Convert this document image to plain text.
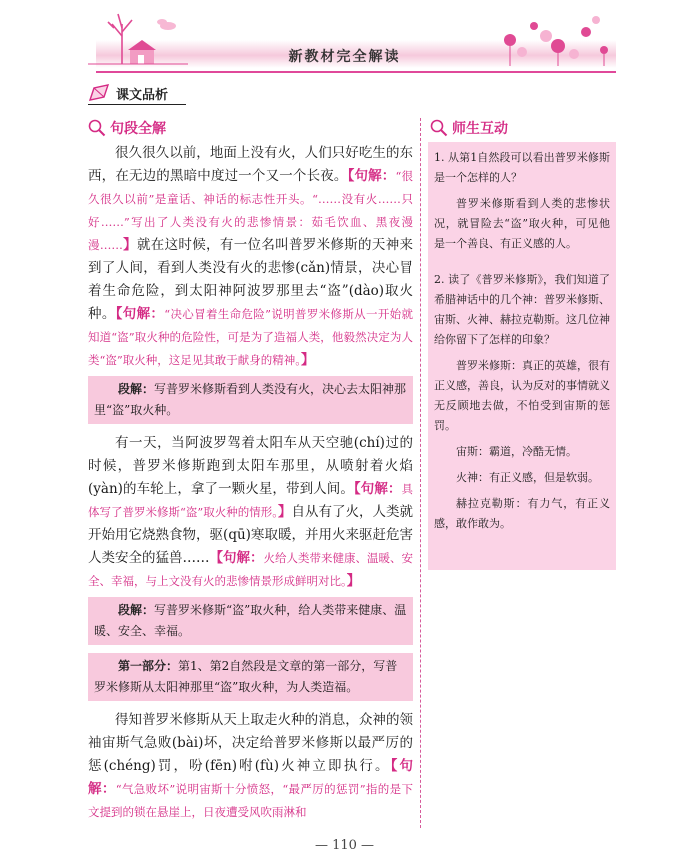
新教材完全解读
课文品析
句段全解	师生互动

很久很久以前，地面上没有火，人们只好吃生的东西，在无边的黑暗中度过一个又一个长夜。【句解：“很久很久以前”是童话、神话的标志性开头。“……没有火……只好……”写出了人类没有火的悲惨情景：茹毛饮血、黑夜漫漫……】就在这时候，有一位名叫普罗米修斯的天神来到了人间，看到人类没有火的悲惨(cǎn)情景，决心冒着生命危险，到太阳神阿波罗那里去“盗”(dào)取火种。【句解：“决心冒着生命危险”说明普罗米修斯从一开始就知道“盗”取火种的危险性，可是为了造福人类，他毅然决定为人类“盗”取火种，这足见其敢于献身的精神。】

段解：写普罗米修斯看到人类没有火，决心去太阳神那里“盗”取火种。

有一天，当阿波罗驾着太阳车从天空驰(chí)过的时候，普罗米修斯跑到太阳车那里，从喷射着火焰(yàn)的车轮上，拿了一颗火星，带到人间。【句解：具体写了普罗米修斯“盗”取火种的情形。】自从有了火，人类就开始用它烧熟食物，驱(qū)寒取暖，并用火来驱赶危害人类安全的猛兽……【句解：火给人类带来健康、温暖、安全、幸福，与上文没有火的悲惨情景形成鲜明对比。】

段解：写普罗米修斯“盗”取火种，给人类带来健康、温暖、安全、幸福。
第一部分：第1、第2自然段是文章的第一部分，写普罗米修斯从太阳神那里“盗”取火种，为人类造福。

得知普罗米修斯从天上取走火种的消息，众神的领袖宙斯气急败(bài)坏，决定给普罗米修斯以最严厉的惩(chéng)罚，吩(fēn)咐(fù)火神立即执行。【句解：“气急败坏”说明宙斯十分愤怒，“最严厉的惩罚”指的是下文提到的锁在悬崖上，日夜遭受风吹雨淋和

1. 从第1自然段可以看出普罗米修斯是一个怎样的人？

普罗米修斯看到人类的悲惨状况，就冒险去“盗”取火种，可见他是一个善良、有正义感的人。

2. 读了《普罗米修斯》，我们知道了希腊神话中的几个神：普罗米修斯、宙斯、火神、赫拉克勒斯。这几位神给你留下了怎样的印象？

普罗米修斯：真正的英雄，很有正义感，善良，认为反对的事情就义无反顾地去做，不怕受到宙斯的惩罚。

宙斯：霸道，冷酷无情。

火神：有正义感，但是软弱。

赫拉克勒斯：有力气，有正义感，敢作敢为。

— 110 —
